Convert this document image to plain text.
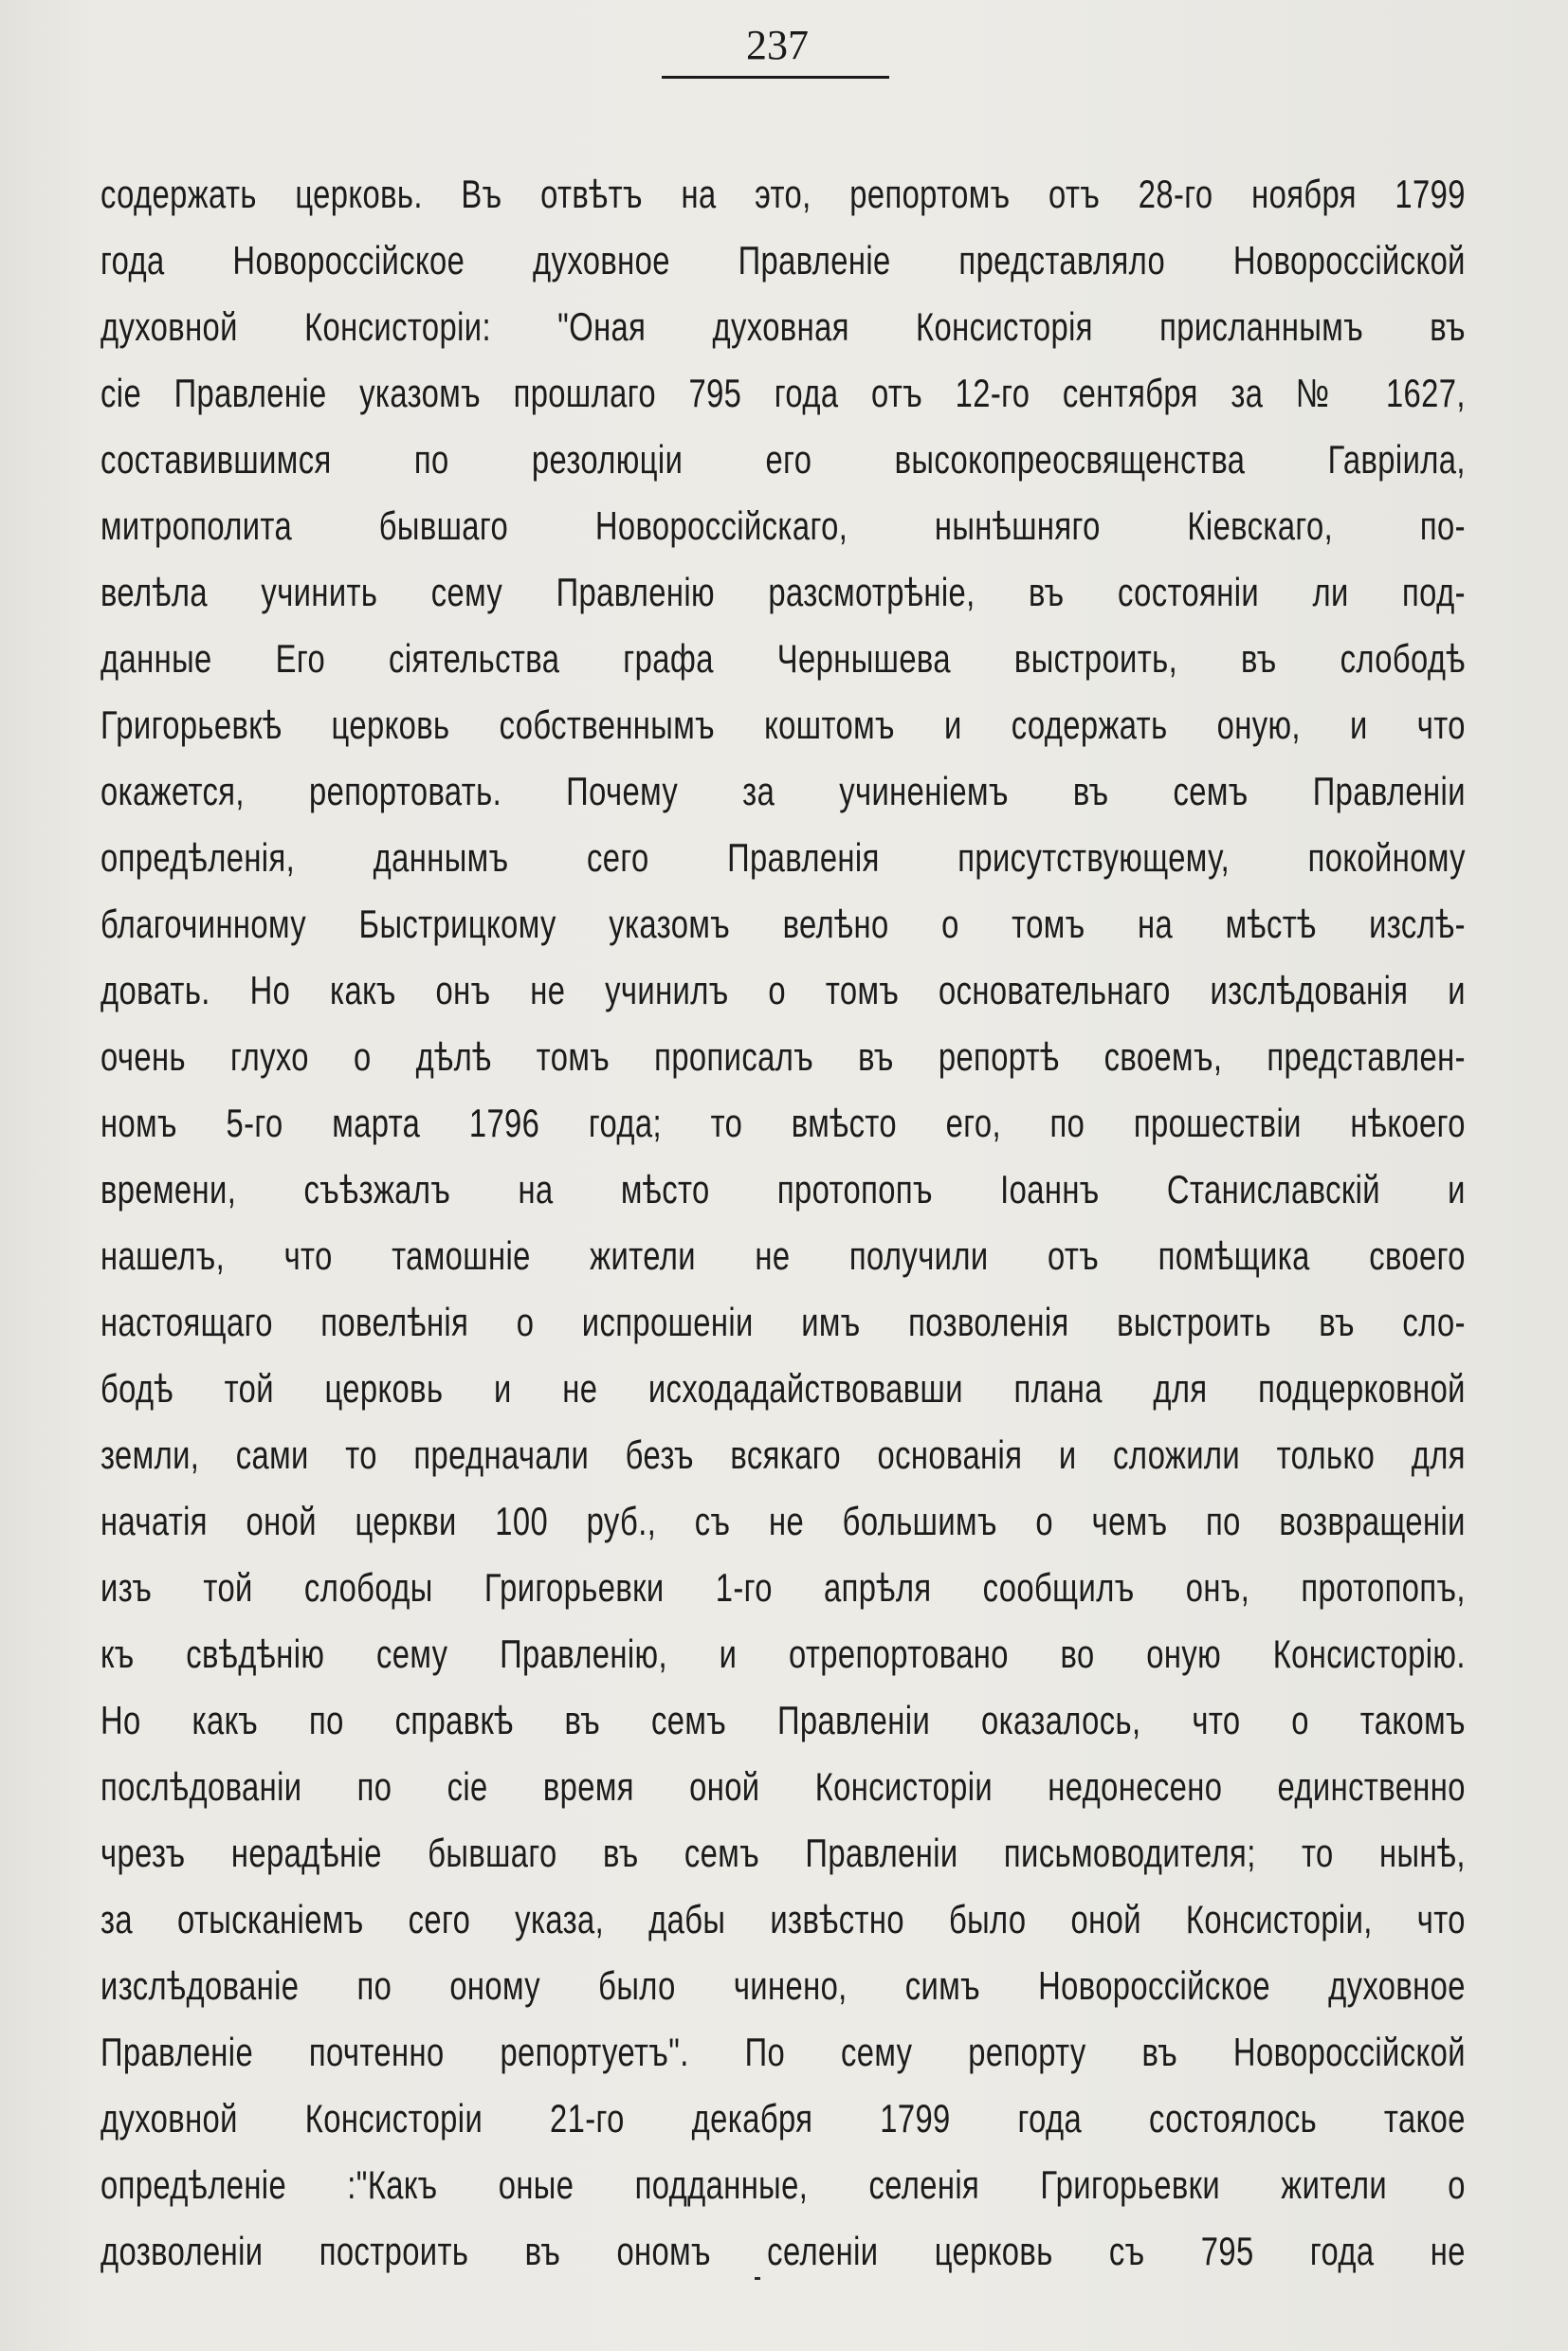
237
содержать церковь. Въ отвѣтъ на это, репортомъ отъ 28-го ноября 1799
года Новороссійское духовное Правленіе представляло Новороссійской
духовной Консисторіи: "Оная духовная Консисторія присланнымъ въ
сіе Правленіе указомъ прошлаго 795 года отъ 12-го сентября за № 1627,
составившимся по резолюціи его высокопреосвященства Гавріила,
митрополита бывшаго Новороссійскаго, нынѣшняго Кіевскаго, по-
велѣла учинить сему Правленію разсмотрѣніе, въ состояніи ли под-
данные Его сіятельства графа Чернышева выстроить, въ слободѣ
Григорьевкѣ церковь собственнымъ коштомъ и содержать оную, и что
окажется, репортовать. Почему за учиненіемъ въ семъ Правленіи
опредѣленія, даннымъ сего Правленія присутствующему, покойному
благочинному Быстрицкому указомъ велѣно о томъ на мѣстѣ изслѣ-
довать. Но какъ онъ не учинилъ о томъ основательнаго изслѣдованія и
очень глухо о дѣлѣ томъ прописалъ въ репортѣ своемъ, представлен-
номъ 5-го марта 1796 года; то вмѣсто его, по прошествіи нѣкоего
времени, съѣзжалъ на мѣсто протопопъ Іоаннъ Станиславскій и
нашелъ, что тамошніе жители не получили отъ помѣщика своего
настоящаго повелѣнія о испрошеніи имъ позволенія выстроить въ сло-
бодѣ той церковь и не исходадайствовавши плана для подцерковной
земли, сами то предначали безъ всякаго основанія и сложили только для
начатія оной церкви 100 руб., съ не большимъ о чемъ по возвращеніи
изъ той слободы Григорьевки 1-го апрѣля сообщилъ онъ, протопопъ,
къ свѣдѣнію сему Правленію, и отрепортовано во оную Консисторію.
Но какъ по справкѣ въ семъ Правленіи оказалось, что о такомъ
послѣдованіи по сіе время оной Консисторіи недонесено единственно
чрезъ нерадѣніе бывшаго въ семъ Правленіи письмоводителя; то нынѣ,
за отысканіемъ сего указа, дабы извѣстно было оной Консисторіи, что
изслѣдованіе по оному было чинено, симъ Новороссійское духовное
Правленіе почтенно репортуетъ". По сему репорту въ Новороссійской
духовной Консисторіи 21-го декабря 1799 года состоялось такое
опредѣленіе :"Какъ оные подданные, селенія Григорьевки жители о
дозволеніи построить въ ономъ селеніи церковь съ 795 года не
